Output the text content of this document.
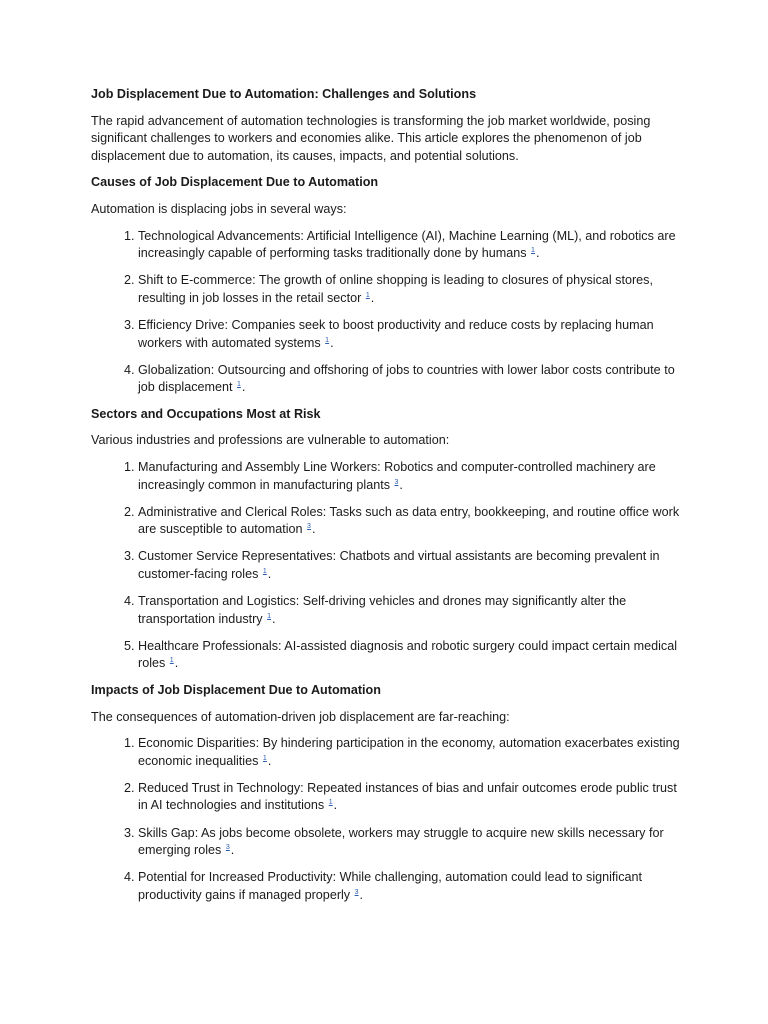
Job Displacement Due to Automation: Challenges and Solutions

The rapid advancement of automation technologies is transforming the job market worldwide, posing significant challenges to workers and economies alike. This article explores the phenomenon of job displacement due to automation, its causes, impacts, and potential solutions.

Causes of Job Displacement Due to Automation

Automation is displacing jobs in several ways:

1. Technological Advancements: Artificial Intelligence (AI), Machine Learning (ML), and robotics are increasingly capable of performing tasks traditionally done by humans $^1$.
2. Shift to E-commerce: The growth of online shopping is leading to closures of physical stores, resulting in job losses in the retail sector $^1$.
3. Efficiency Drive: Companies seek to boost productivity and reduce costs by replacing human workers with automated systems $^1$.
4. Globalization: Outsourcing and offshoring of jobs to countries with lower labor costs contribute to job displacement $^1$.
Sectors and Occupations Most at Risk

Various industries and professions are vulnerable to automation:

1. Manufacturing and Assembly Line Workers: Robotics and computer-controlled machinery are increasingly common in manufacturing plants $^3$.
2. Administrative and Clerical Roles: Tasks such as data entry, bookkeeping, and routine office work are susceptible to automation $^3$.
3. Customer Service Representatives: Chatbots and virtual assistants are becoming prevalent in customer-facing roles $^1$.
4. Transportation and Logistics: Self-driving vehicles and drones may significantly alter the transportation industry $^1$.
5. Healthcare Professionals: AI-assisted diagnosis and robotic surgery could impact certain medical roles $^1$.
Impacts of Job Displacement Due to Automation

The consequences of automation-driven job displacement are far-reaching:

1. Economic Disparities: By hindering participation in the economy, automation exacerbates existing economic inequalities $^1$.
2. Reduced Trust in Technology: Repeated instances of bias and unfair outcomes erode public trust in AI technologies and institutions $^1$.
3. Skills Gap: As jobs become obsolete, workers may struggle to acquire new skills necessary for emerging roles $^3$.
4. Potential for Increased Productivity: While challenging, automation could lead to significant productivity gains if managed properly $^3$.
